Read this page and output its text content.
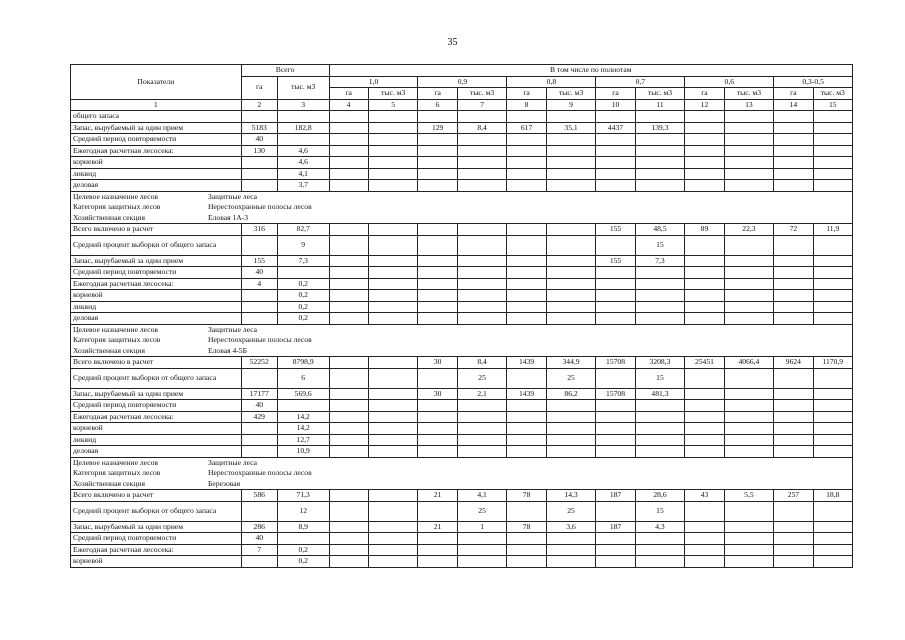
35
Показатели	Всего		В том числе по полнотам											
	га	тыс. м3	1,0		0,9		0,8		0,7		0,6		0,3-0,5	
			га	тыс. м3	га	тыс. м3	га	тыс. м3	га	тыс. м3	га	тыс. м3	га	тыс. м3
1	2	3	4	5	6	7	8	9	10	11	12	13	14	15
общего запаса														
Запас, вырубаемый за один прием	5183	182,8			129	8,4	617	35,1	4437	139,3				
Средний период повторяемости	40													
Ежегодная расчетная лесосека:	130	4,6												
корневой		4,6												
ликвид		4,1												
деловая		3,7												
Целевое назначение лесов Защитные леса														
Категория защитных лесов Нерестоохранные полосы лесов														
Хозяйственная секция Еловая 1А-3														
Всего включено в расчет	316	82,7							155	48,5	89	22,3	72	11,9
Средний процент выборки от общего запаса		9								15				
Запас, вырубаемый за один прием	155	7,3							155	7,3				
Средний период повторяемости	40													
Ежегодная расчетная лесосека:	4	0,2												
корневой		0,2												
ликвид		0,2												
деловая		0,2												
Целевое назначение лесов Защитные леса														
Категория защитных лесов Нерестоохранные полосы лесов														
Хозяйственная секция Еловая 4-5Б														
Всего включено в расчет	52252	8798,9			30	8,4	1439	344,9	15708	3208,3	25451	4066,4	9624	1170,9
Средний процент выборки от общего запаса		6				25		25		15				
Запас, вырубаемый за один прием	17177	569,6			30	2,1	1439	86,2	15708	481,3				
Средний период повторяемости	40													
Ежегодная расчетная лесосека:	429	14,2												
корневой		14,2												
ликвид		12,7												
деловая		10,9												
Целевое назначение лесов Защитные леса														
Категория защитных лесов Нерестоохранные полосы лесов														
Хозяйственная секция Березовая														
Всего включено в расчет	586	71,3			21	4,1	78	14,3	187	28,6	43	5,5	257	18,8
Средний процент выборки от общего запаса		12				25		25		15				
Запас, вырубаемый за один прием	286	8,9			21	1	78	3,6	187	4,3				
Средний период повторяемости	40													
Ежегодная расчетная лесосека:	7	0,2												
корневой		0,2												
